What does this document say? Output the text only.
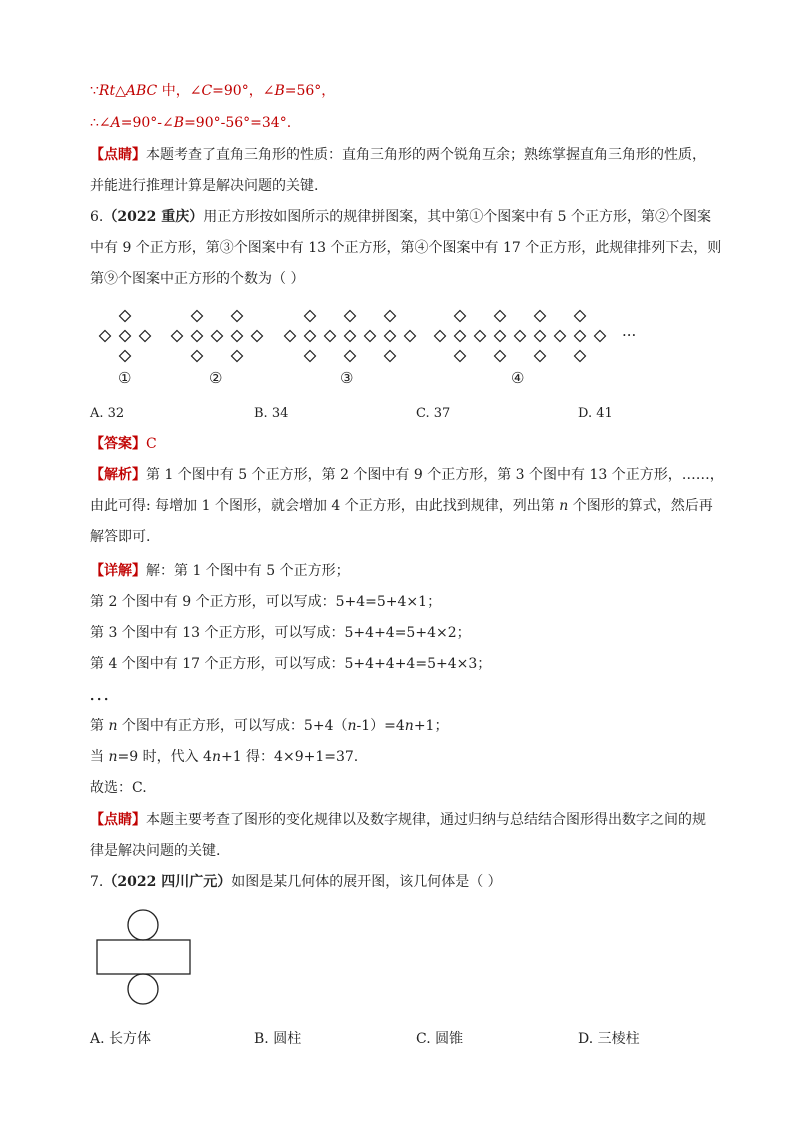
∵Rt△ABC 中，∠C=90°，∠B=56°，
∴∠A=90°-∠B=90°-56°=34°.
【点睛】本题考查了直角三角形的性质：直角三角形的两个锐角互余；熟练掌握直角三角形的性质，
并能进行推理计算是解决问题的关键.
6.（2022 重庆）用正方形按如图所示的规律拼图案，其中第①个图案中有 5 个正方形，第②个图案
中有 9 个正方形，第③个图案中有 13 个正方形，第④个图案中有 17 个正方形，此规律排列下去，则
第⑨个图案中正方形的个数为（ ）
①	②	③	④
···
A. 32	B. 34	C. 37	D. 41
【答案】C
【解析】第 1 个图中有 5 个正方形，第 2 个图中有 9 个正方形，第 3 个图中有 13 个正方形，……，
由此可得: 每增加 1 个图形，就会增加 4 个正方形，由此找到规律，列出第 n 个图形的算式，然后再
解答即可.
【详解】解：第 1 个图中有 5 个正方形；
第 2 个图中有 9 个正方形，可以写成：5+4=5+4×1；
第 3 个图中有 13 个正方形，可以写成：5+4+4=5+4×2；
第 4 个图中有 17 个正方形，可以写成：5+4+4+4=5+4×3；
．．．
第 n 个图中有正方形，可以写成：5+4（n-1）=4n+1；
当 n=9 时，代入 4n+1 得：4×9+1=37.
故选：C.
【点睛】本题主要考查了图形的变化规律以及数字规律，通过归纳与总结结合图形得出数字之间的规
律是解决问题的关键.
7.（2022 四川广元）如图是某几何体的展开图，该几何体是（ ）
A. 长方体	B. 圆柱	C. 圆锥	D. 三棱柱
